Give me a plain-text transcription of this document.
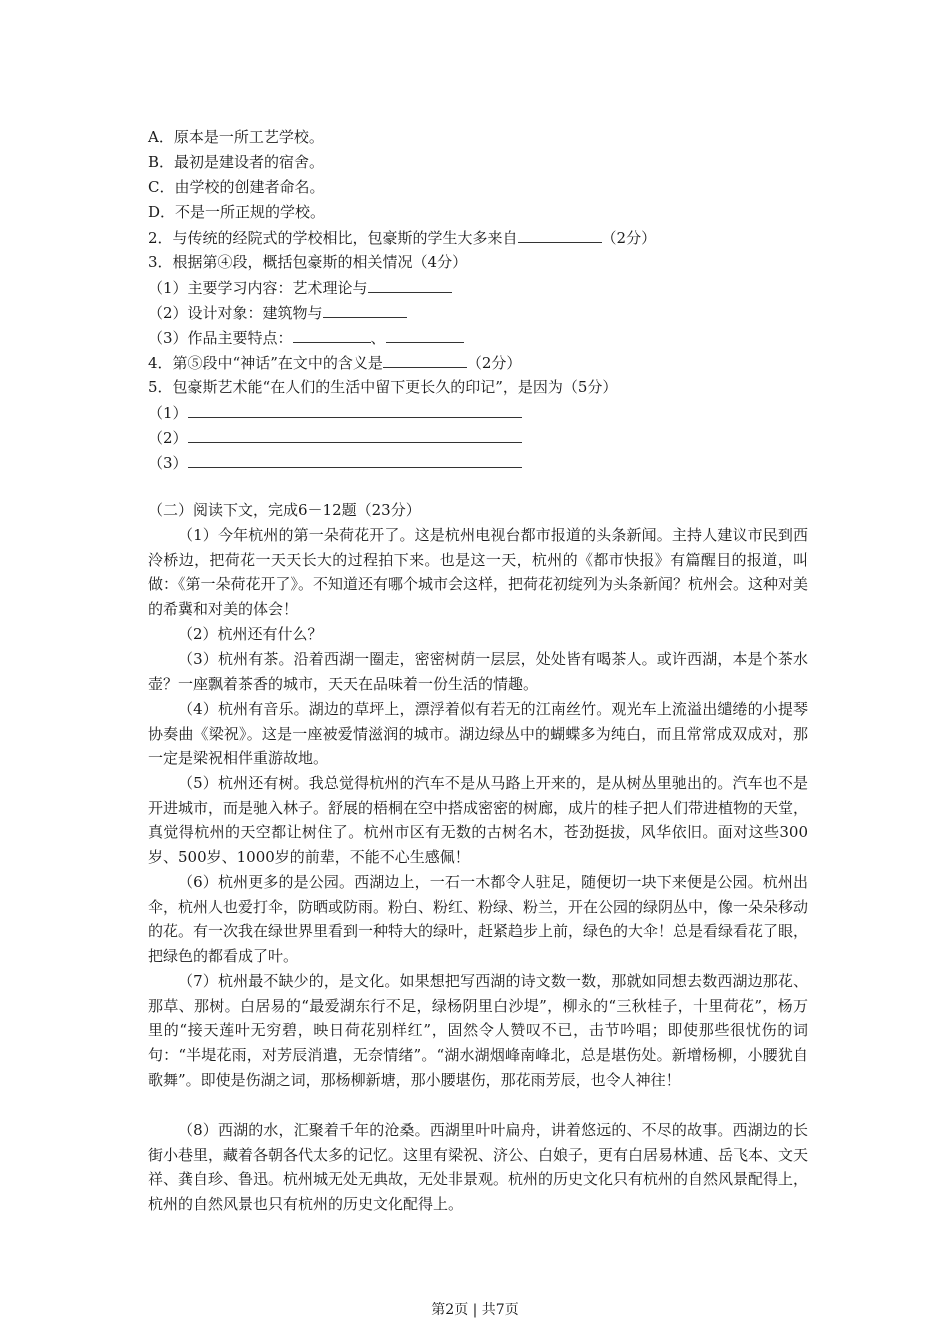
A．原本是一所工艺学校。
B．最初是建设者的宿舍。
C．由学校的创建者命名。
D．不是一所正规的学校。
2．与传统的经院式的学校相比，包豪斯的学生大多来自	（2分）
3．根据第④段，概括包豪斯的相关情况（4分）
（1）主要学习内容：艺术理论与
（2）设计对象：建筑物与
（3）作品主要特点：	、
4．第⑤段中“神话”在文中的含义是	（2分）
5．包豪斯艺术能“在人们的生活中留下更长久的印记”，是因为（5分）
（1）
（2）
（3）
（二）阅读下文，完成6－12题（23分）
（1）今年杭州的第一朵荷花开了。这是杭州电视台都市报道的头条新闻。主持人建议市民到西泠桥边，把荷花一天天长大的过程拍下来。也是这一天，杭州的《都市快报》有篇醒目的报道，叫做：《第一朵荷花开了》。不知道还有哪个城市会这样，把荷花初绽列为头条新闻？杭州会。这种对美的希冀和对美的体会！
（2）杭州还有什么？
（3）杭州有茶。沿着西湖一圈走，密密树荫一层层，处处皆有喝茶人。或许西湖，本是个茶水壶？一座飘着茶香的城市，天天在品味着一份生活的情趣。
（4）杭州有音乐。湖边的草坪上，漂浮着似有若无的江南丝竹。观光车上流溢出缱绻的小提琴协奏曲《梁祝》。这是一座被爱情滋润的城市。湖边绿丛中的蝴蝶多为纯白，而且常常成双成对，那一定是梁祝相伴重游故地。
（5）杭州还有树。我总觉得杭州的汽车不是从马路上开来的，是从树丛里驰出的。汽车也不是开进城市，而是驰入林子。舒展的梧桐在空中搭成密密的树廊，成片的桂子把人们带进植物的天堂，真觉得杭州的天空都让树住了。杭州市区有无数的古树名木，苍劲挺拔，风华依旧。面对这些300岁、500岁、1000岁的前辈，不能不心生感佩！
（6）杭州更多的是公园。西湖边上，一石一木都令人驻足，随便切一块下来便是公园。杭州出伞，杭州人也爱打伞，防晒或防雨。粉白、粉红、粉绿、粉兰，开在公园的绿阴丛中，像一朵朵移动的花。有一次我在绿世界里看到一种特大的绿叶，赶紧趋步上前，绿色的大伞！总是看绿看花了眼，把绿色的都看成了叶。
（7）杭州最不缺少的，是文化。如果想把写西湖的诗文数一数，那就如同想去数西湖边那花、那草、那树。白居易的“最爱湖东行不足，绿杨阴里白沙堤”，柳永的“三秋桂子，十里荷花”，杨万里的“接天莲叶无穷碧，映日荷花别样红”，固然令人赞叹不已，击节吟唱；即使那些很忧伤的词句：“半堤花雨，对芳辰消遣，无奈情绪”。“湖水湖烟峰南峰北，总是堪伤处。新增杨柳，小腰犹自歌舞”。即使是伤湖之词，那杨柳新塘，那小腰堪伤，那花雨芳辰，也令人神往！
（8）西湖的水，汇聚着千年的沧桑。西湖里叶叶扁舟，讲着悠远的、不尽的故事。西湖边的长街小巷里，藏着各朝各代太多的记忆。这里有梁祝、济公、白娘子，更有白居易林逋、岳飞本、文天祥、龚自珍、鲁迅。杭州城无处无典故，无处非景观。杭州的历史文化只有杭州的自然风景配得上，杭州的自然风景也只有杭州的历史文化配得上。
第2页 | 共7页
